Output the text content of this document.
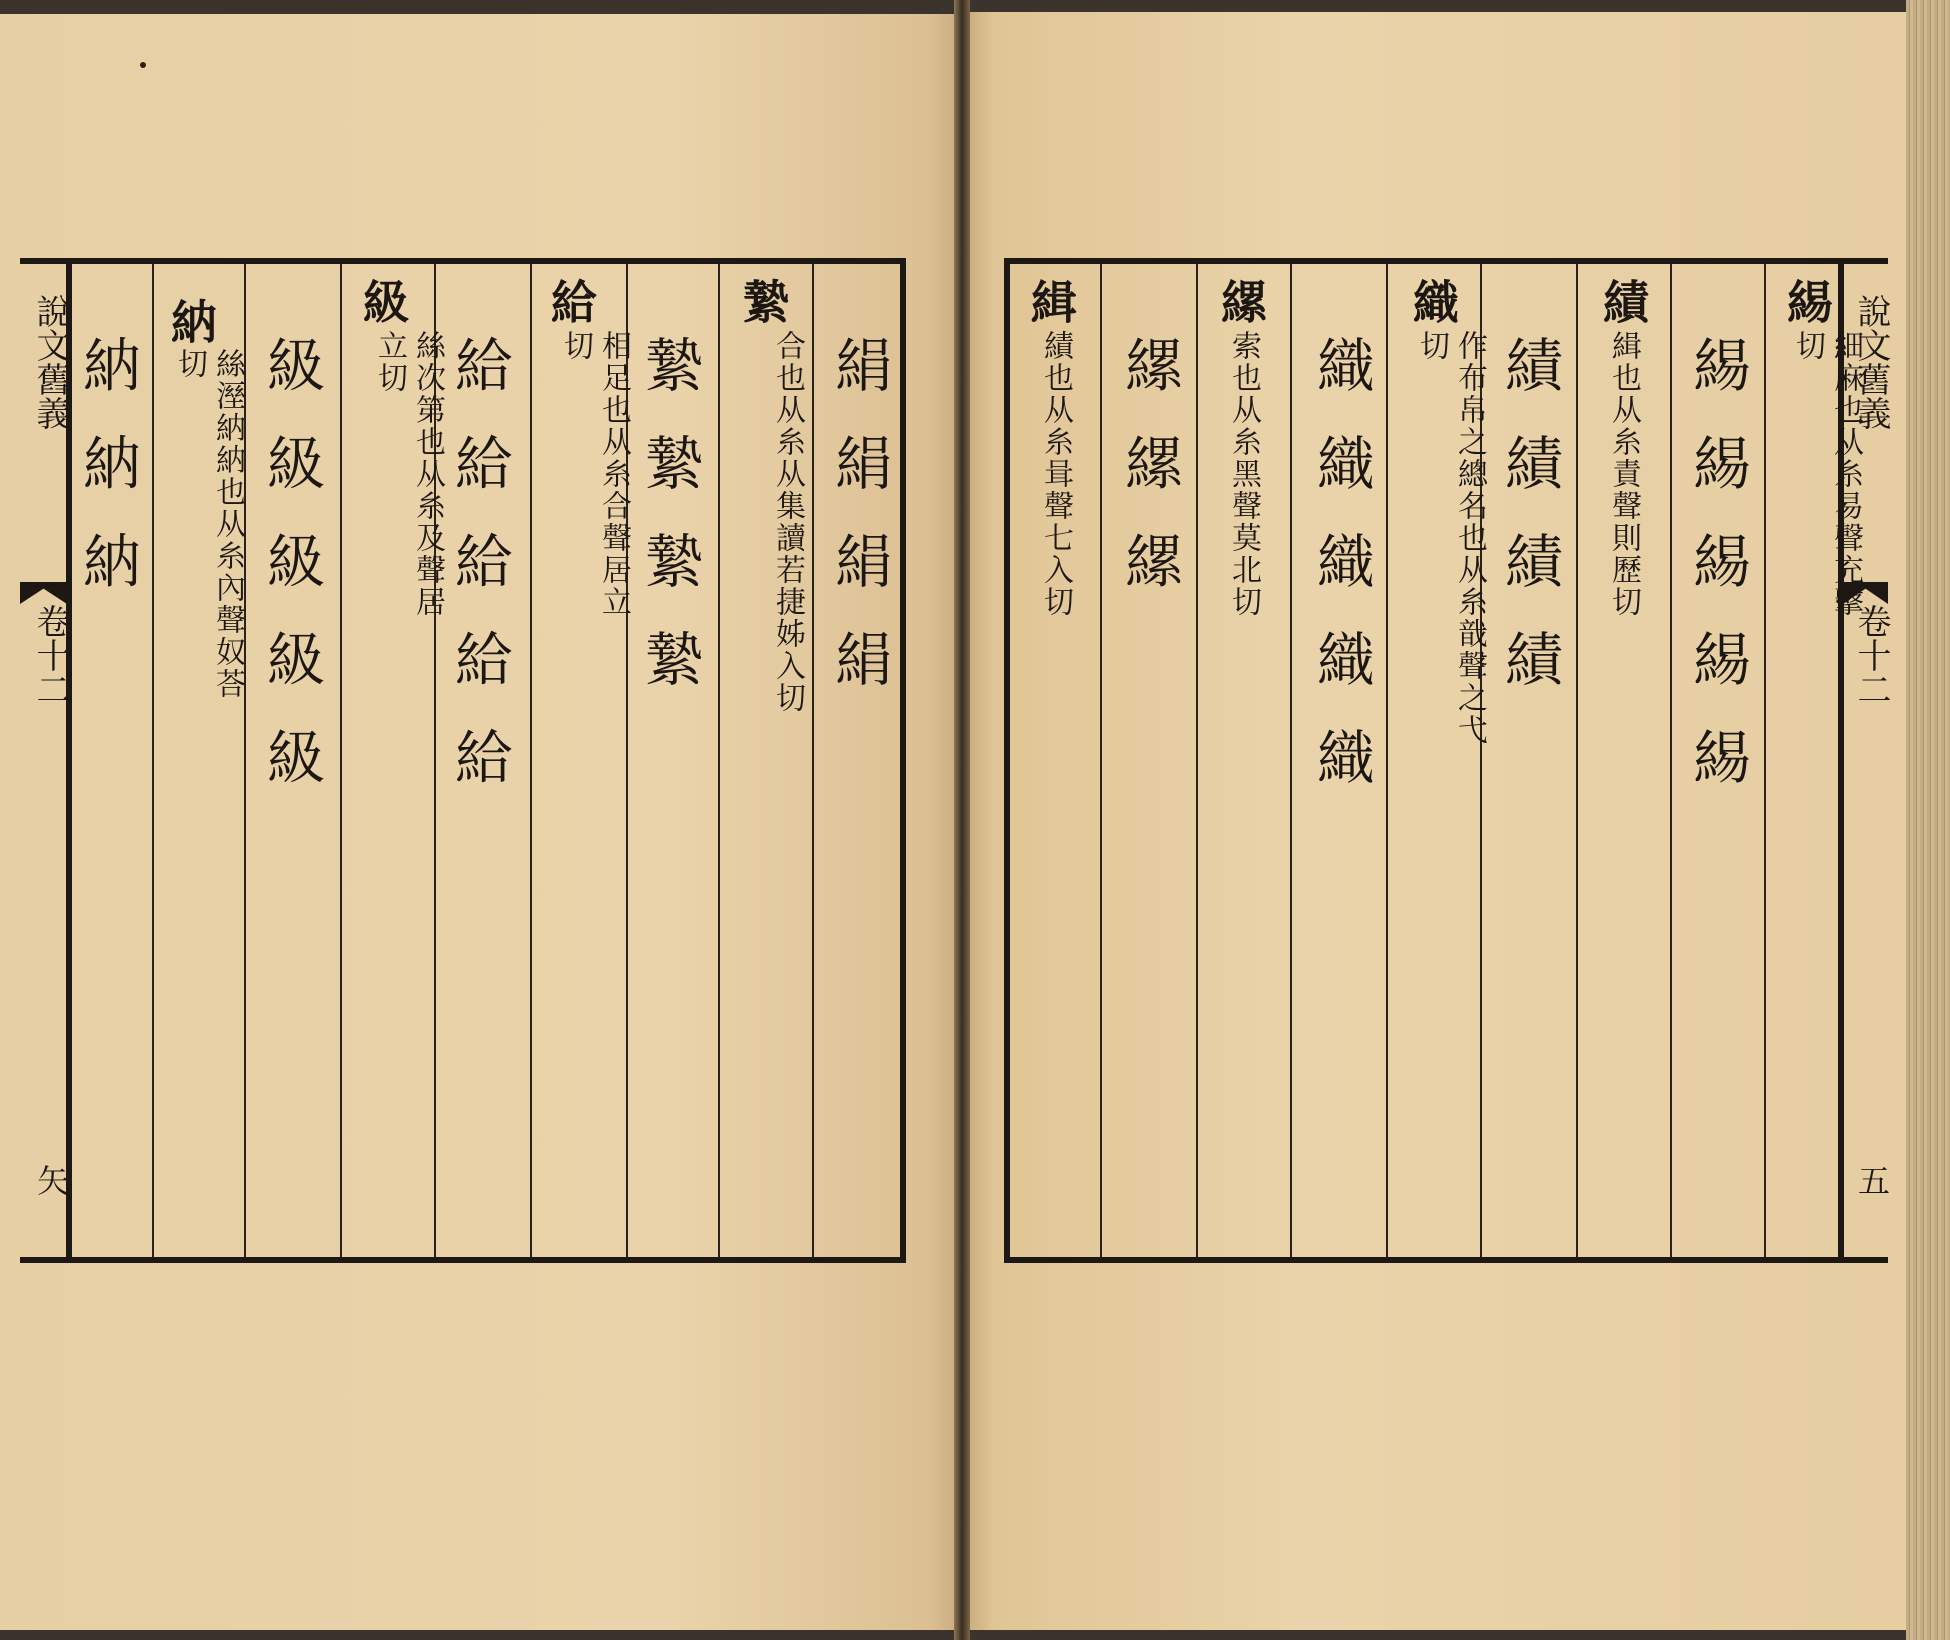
說文舊義
卷十二
矢
絹絹絹絹
縶
合也从糸从集讀若捷姊入切
縶縶縶縶
給
相足也从糸合聲居立切
給給給給給
級
絲次第也从糸及聲居立切
級級級級級
納
絲溼納納也从糸內聲奴荅切
納納納	說文舊義
卷十二
五
緆
細麻也从糸易聲充擊切
緆緆緆緆緆
績
緝也从糸責聲則歷切
績績績績
織
作布帛之總名也从糸戠聲之弋切
織織織織織
縲
索也从糸黑聲莫北切
縲縲縲
緝
績也从糸咠聲七入切
